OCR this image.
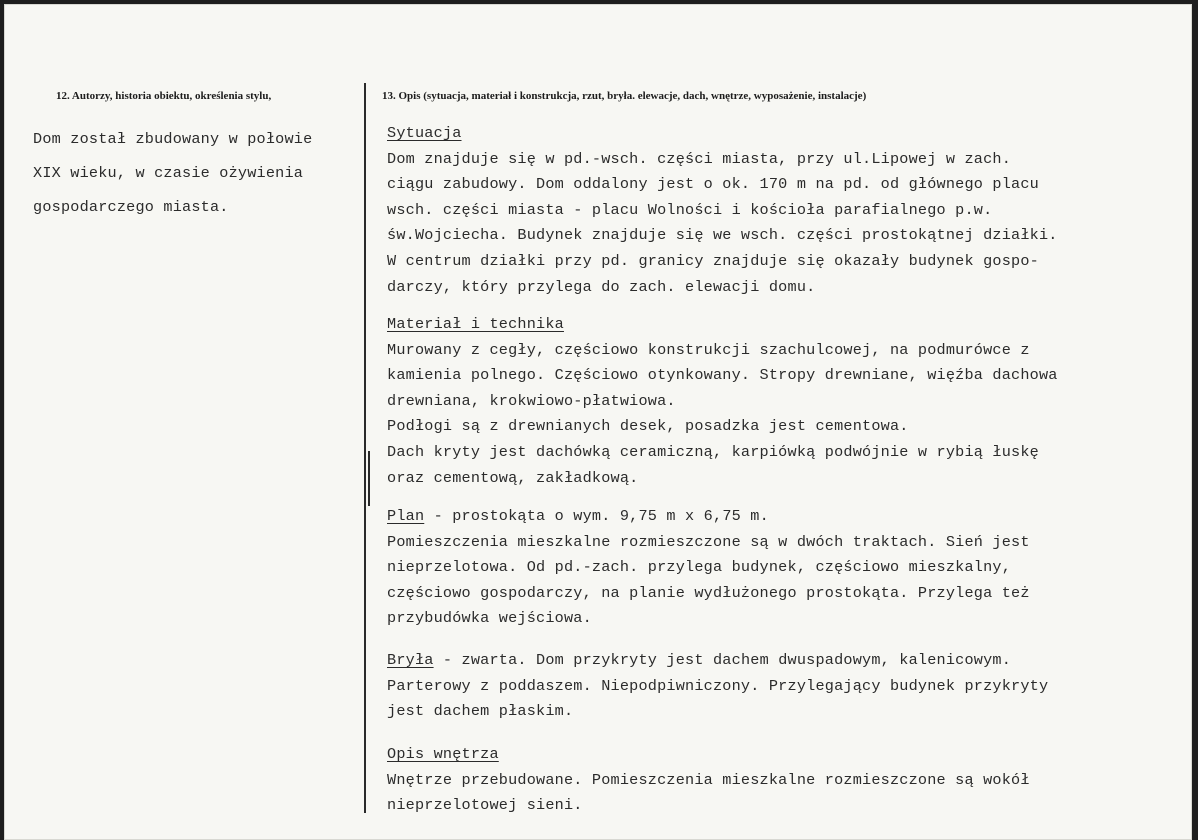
12. Autorzy, historia obiektu, określenia stylu,	13. Opis (sytuacja, materiał i konstrukcja, rzut, bryła. elewacje, dach, wnętrze, wyposażenie, instalacje)
Dom został zbudowany w połowie
XIX wieku, w czasie ożywienia
gospodarczego miasta.
Sytuacja
Dom znajduje się w pd.-wsch. części miasta, przy ul.Lipowej w zach.
ciągu zabudowy. Dom oddalony jest o ok. 170 m na pd. od głównego placu
wsch. części miasta - placu Wolności i kościoła parafialnego p.w.
św.Wojciecha. Budynek znajduje się we wsch. części prostokątnej działki.
W centrum działki przy pd. granicy znajduje się okazały budynek gospo-
darczy, który przylega do zach. elewacji domu.
Materiał i technika
Murowany z cegły, częściowo konstrukcji szachulcowej, na podmurówce z
kamienia polnego. Częściowo otynkowany. Stropy drewniane, więźba dachowa
drewniana, krokwiowo-płatwiowa.
Podłogi są z drewnianych desek, posadzka jest cementowa.
Dach kryty jest dachówką ceramiczną, karpiówką podwójnie w rybią łuskę
oraz cementową, zakładkową.
Plan - prostokąta o wym. 9,75 m x 6,75 m.
Pomieszczenia mieszkalne rozmieszczone są w dwóch traktach. Sień jest
nieprzelotowa. Od pd.-zach. przylega budynek, częściowo mieszkalny,
częściowo gospodarczy, na planie wydłużonego prostokąta. Przylega też
przybudówka wejściowa.
Bryła - zwarta. Dom przykryty jest dachem dwuspadowym, kalenicowym.
Parterowy z poddaszem. Niepodpiwniczony. Przylegający budynek przykryty
jest dachem płaskim.
Opis wnętrza
Wnętrze przebudowane. Pomieszczenia mieszkalne rozmieszczone są wokół
nieprzelotowej sieni.
